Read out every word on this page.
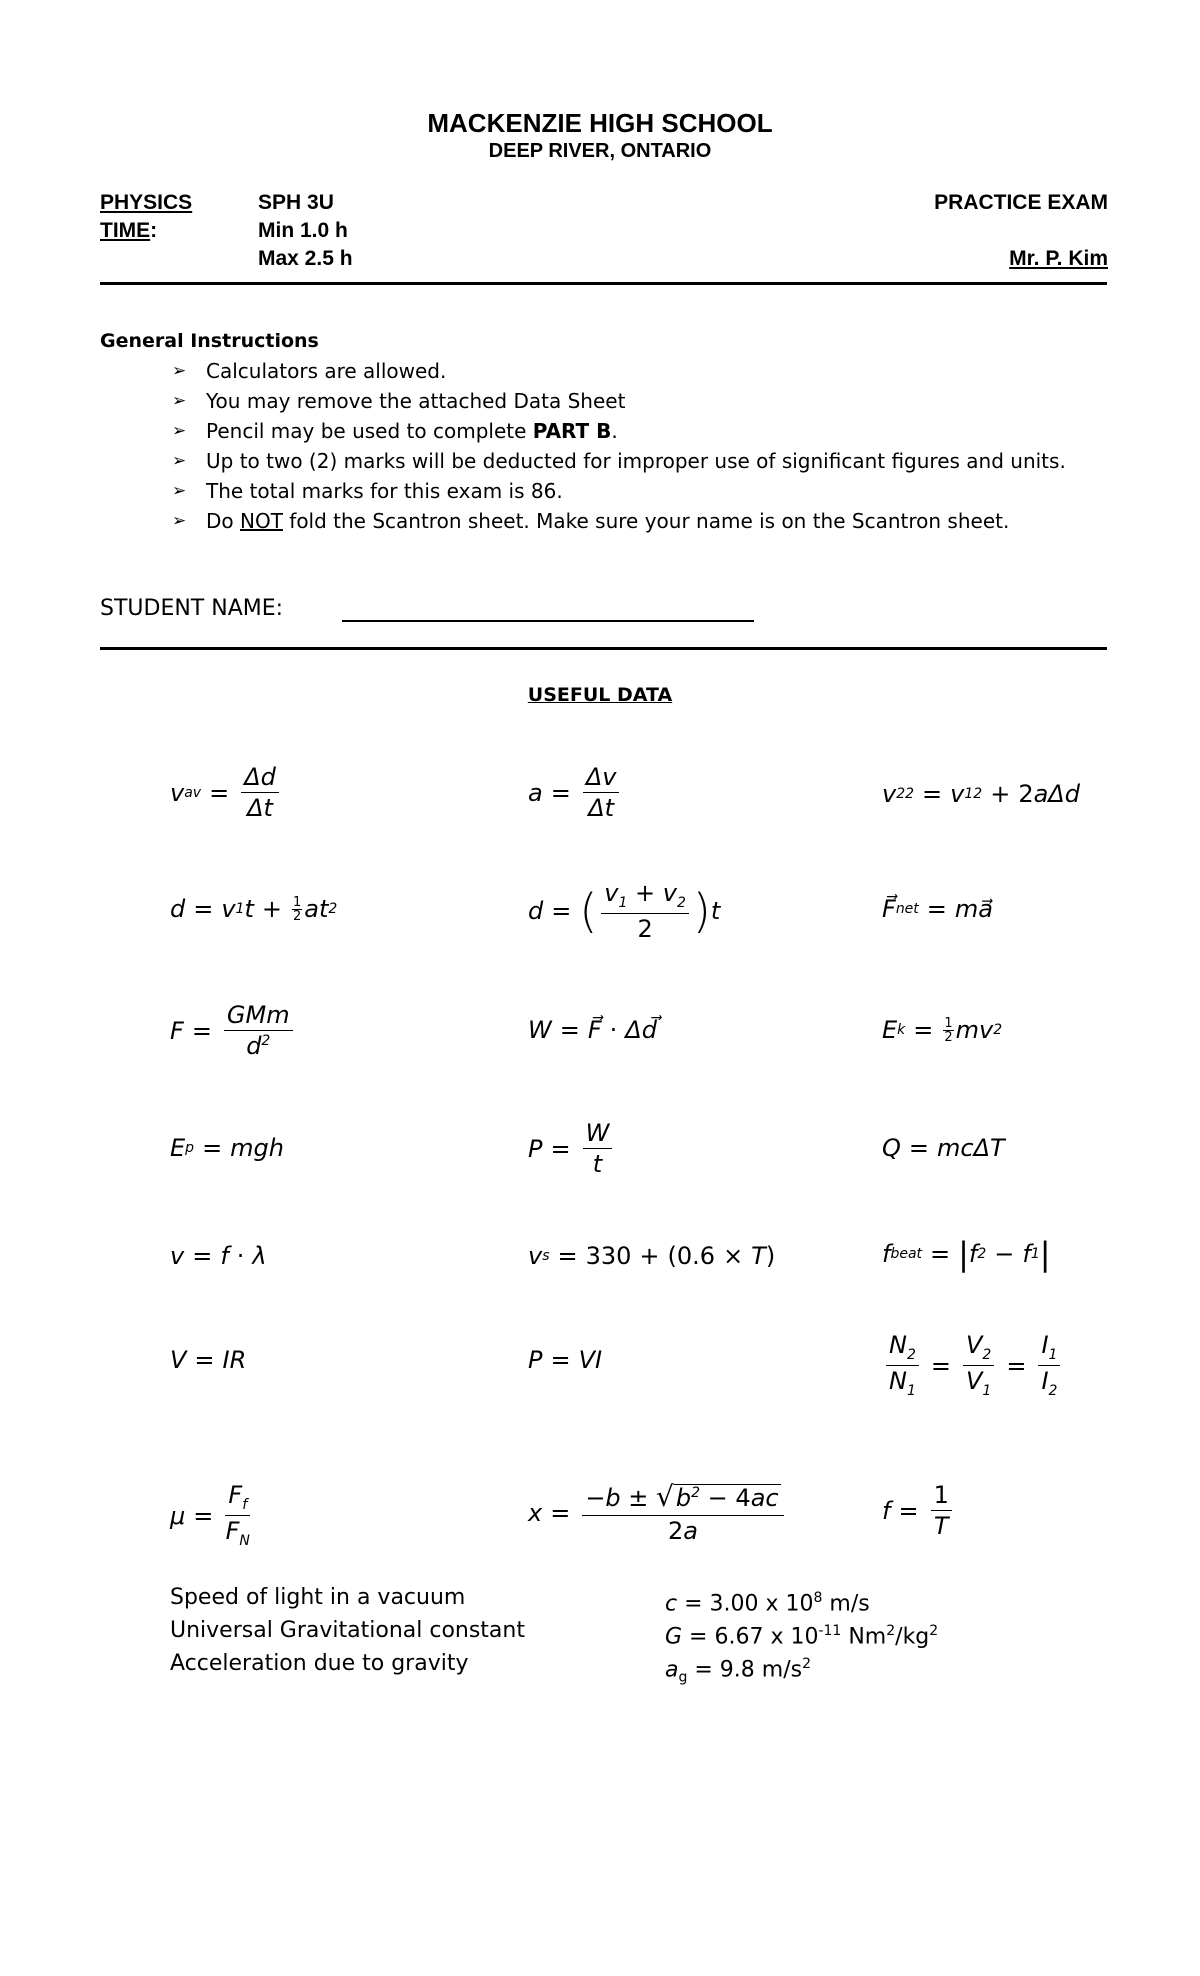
MACKENZIE HIGH SCHOOL
DEEP RIVER, ONTARIO
PHYSICS	SPH 3U	PRACTICE EXAM
TIME:	Min 1.0 h
Max 2.5 h	Mr. P. Kim
General Instructions
➢ Calculators are allowed.
➢ You may remove the attached Data Sheet
➢ Pencil may be used to complete PART B.
➢ Up to two (2) marks will be deducted for improper use of significant figures and units.
➢ The total marks for this exam is 86.
➢ Do NOT fold the Scantron sheet. Make sure your name is on the Scantron sheet.
STUDENT NAME:
USEFUL DATA
v av = $\frac{\Delta d}{\Delta t}$	$a = \frac{\Delta v}{\Delta t}$	v 2 2 = v 1 2 + 2 aΔd
d = v 1 $t + \frac{1}{2}$ at 2	d = ( $\frac{v_1 + v_2}{2}$ ) t	F⃗ net = ma⃗
$F = \frac{\text{GMm}}{d^2}$	W = F⃗ · Δd⃗	E $k = \frac{1}{2}$ mv 2
E p = mgh	$P = \frac{W}{t}$	Q = mcΔT
v = f · λ	v s = 330 + (0.6 × T )	f beat = | f 2 − f 1 |
V = IR	P = VI	$\frac{N_2}{N_1} = \frac{V_2}{V_1} = \frac{I_1}{I_2}$
$\mu = \frac{F_f}{F_N}$	$x = \frac{-b \pm √ b^2 - 4ac}{2a}$	$f = \frac{1}{T}$
Speed of light in a vacuum	c = 3.00 x $10^8$ m/s
Universal Gravitational constant	G = 6.67 x $10^{-11}$ $Nm^2/kg^2$
Acceleration due to gravity	$a_g = 9.8$ $m/s^2$
